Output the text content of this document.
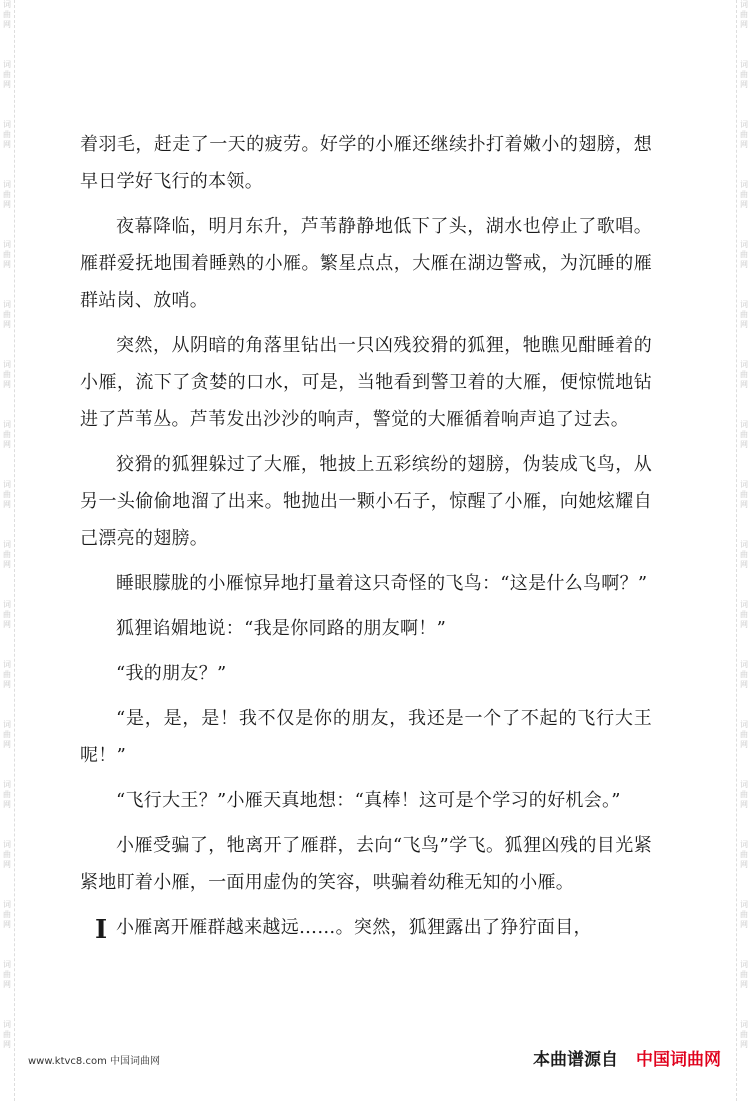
词曲网
词曲网
词曲网
词曲网
词曲网
词曲网
词曲网
词曲网
词曲网
词曲网
词曲网
词曲网
词曲网
词曲网
词曲网
词曲网
词曲网
词曲网
词曲网
词曲网
词曲网
词曲网
词曲网
词曲网
词曲网
词曲网
词曲网
词曲网
词曲网
词曲网
词曲网
词曲网
词曲网
词曲网
词曲网
词曲网

着羽毛，赶走了一天的疲劳。好学的小雁还继续扑打着嫩小的翅膀，想早日学好飞行的本领。

夜幕降临，明月东升，芦苇静静地低下了头，湖水也停止了歌唱。雁群爱抚地围着睡熟的小雁。繁星点点，大雁在湖边警戒，为沉睡的雁群站岗、放哨。

突然，从阴暗的角落里钻出一只凶残狡猾的狐狸，牠瞧见酣睡着的小雁，流下了贪婪的口水，可是，当牠看到警卫着的大雁，便惊慌地钻进了芦苇丛。芦苇发出沙沙的响声，警觉的大雁循着响声追了过去。

狡猾的狐狸躲过了大雁，牠披上五彩缤纷的翅膀，伪装成飞鸟，从另一头偷偷地溜了出来。牠抛出一颗小石子，惊醒了小雁，向她炫耀自己漂亮的翅膀。

睡眼朦胧的小雁惊异地打量着这只奇怪的飞鸟：“这是什么鸟啊？”

狐狸谄媚地说：“我是你同路的朋友啊！”

“我的朋友？”

“是，是，是！我不仅是你的朋友，我还是一个了不起的飞行大王呢！”

“飞行大王？”小雁天真地想：“真棒！这可是个学习的好机会。”

小雁受骗了，牠离开了雁群，去向“飞鸟”学飞。狐狸凶残的目光紧紧地盯着小雁，一面用虚伪的笑容，哄骗着幼稚无知的小雁。

小雁离开雁群越来越远……。突然，狐狸露出了狰狞面目，

I
www.ktvc8.com 中国词曲网	本曲谱源自 中国词曲网
